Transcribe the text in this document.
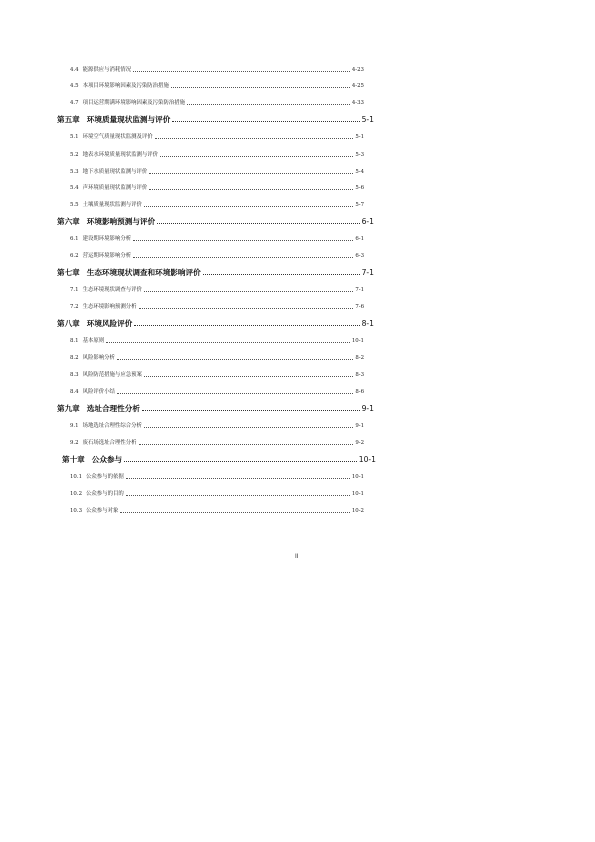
4.4 能源供应与消耗情况	4-23
4.5 本项目环境影响因素及污染防治措施	4-25
4.7 项目运营期满环境影响因素及污染防治措施	4-33
第五章 环境质量现状监测与评价	5-1
5.1 环境空气质量现状监测及评价	5-1
5.2 地表水环境质量现状监测与评价	5-3
5.3 地下水质量现状监测与评价	5-4
5.4 声环境质量现状监测与评价	5-6
5.5 土壤质量现状监测与评价	5-7
第六章 环境影响预测与评价	6-1
6.1 建设期环境影响分析	6-1
6.2 营运期环境影响分析	6-3
第七章 生态环境现状调查和环境影响评价	7-1
7.1 生态环境现状调查与评价	7-1
7.2 生态环境影响预测分析	7-6
第八章 环境风险评价	8-1
8.1 基本原则	10-1
8.2 风险影响分析	8-2
8.3 风险防范措施与应急预案	8-3
8.4 风险评价小结	8-6
第九章 选址合理性分析	9-1
9.1 场地选址合理性综合分析	9-1
9.2 废石场选址合理性分析	9-2
第十章 公众参与	10-1
10.1 公众参与的依据	10-1
10.2 公众参与的目的	10-1
10.3 公众参与对象	10-2
II
